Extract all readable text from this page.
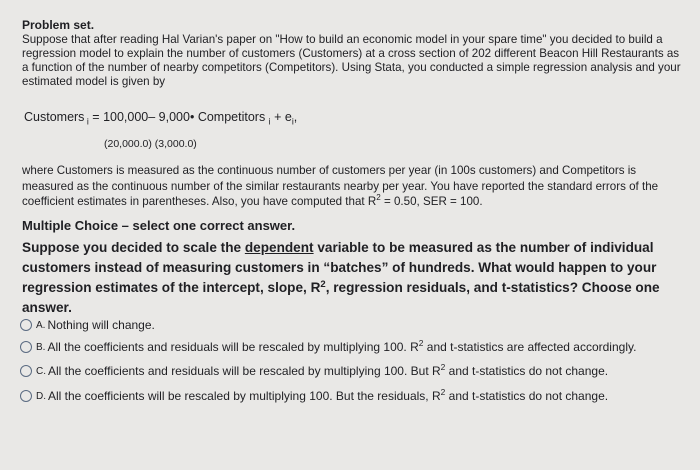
Problem set.
Suppose that after reading Hal Varian's paper on "How to build an economic model in your spare time" you decided to build a regression model to explain the number of customers (Customers) at a cross section of 202 different Beacon Hill Restaurants as a function of the number of nearby competitors (Competitors). Using Stata, you conducted a simple regression analysis and your estimated model is given by
Customers $_i$ = 100,000– 9,000• Competitors $_i + e_i$,
(20,000.0) (3,000.0)
where Customers is measured as the continuous number of customers per year (in 100s customers) and Competitors is measured as the continuous number of the similar restaurants nearby per year. You have reported the standard errors of the coefficient estimates in parentheses. Also, you have computed that $R^2 = 0.50$, SER = 100.
Multiple Choice – select one correct answer.
Suppose you decided to scale the dependent variable to be measured as the number of individual customers instead of measuring customers in “batches” of hundreds. What would happen to your regression estimates of the intercept, slope, $R^2$, regression residuals, and t-statistics? Choose one answer.
A. Nothing will change.
B. All the coefficients and residuals will be rescaled by multiplying 100. $R^2$ and t-statistics are affected accordingly.
C. All the coefficients and residuals will be rescaled by multiplying 100. But $R^2$ and t-statistics do not change.
D. All the coefficients will be rescaled by multiplying 100. But the residuals, $R^2$ and t-statistics do not change.
